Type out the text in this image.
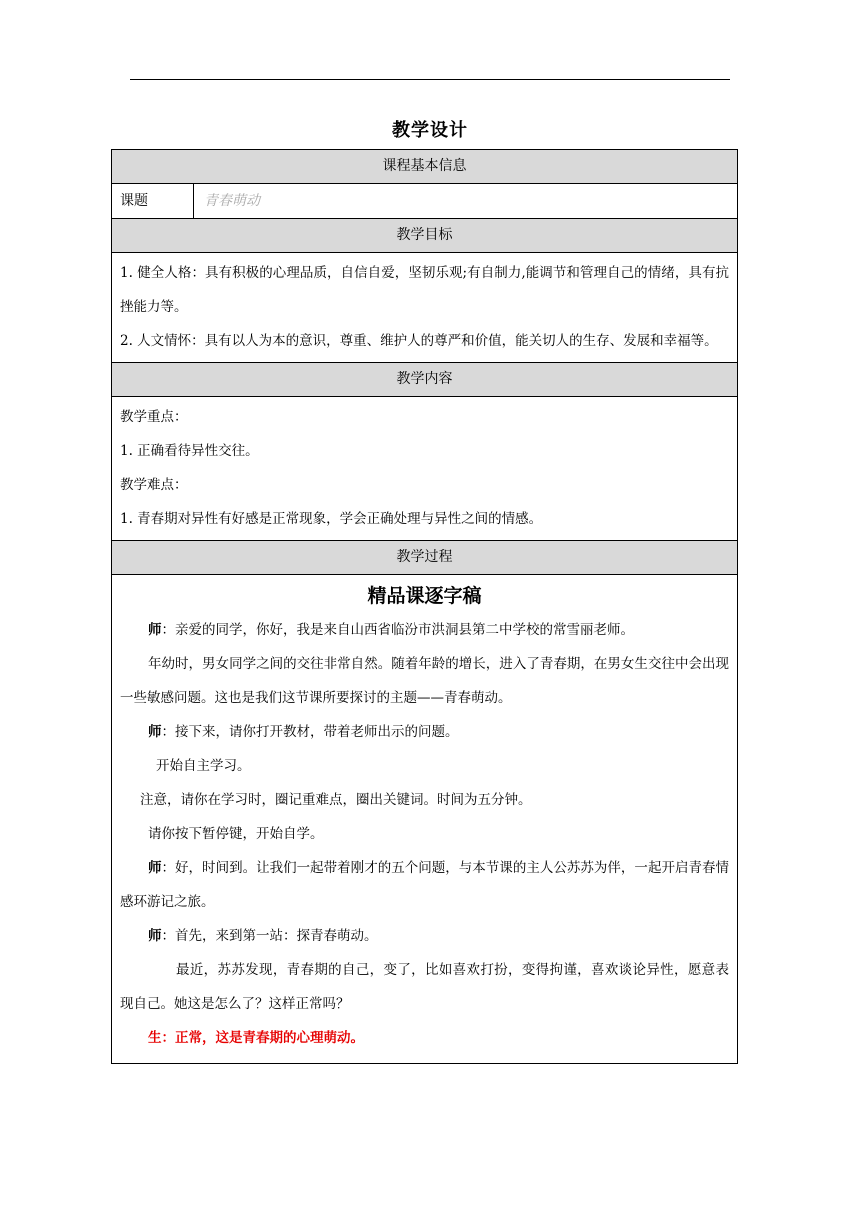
教学设计
课程基本信息
课题	青春萌动
教学目标

1. 健全人格：具有积极的心理品质，自信自爱，坚韧乐观;有自制力,能调节和管理自己的情绪，具有抗挫能力等。

2. 人文情怀：具有以人为本的意识，尊重、维护人的尊严和价值，能关切人的生存、发展和幸福等。

教学内容

教学重点：

1. 正确看待异性交往。

教学难点：

1. 青春期对异性有好感是正常现象，学会正确处理与异性之间的情感。

教学过程

精品课逐字稿

师：亲爱的同学，你好，我是来自山西省临汾市洪洞县第二中学校的常雪丽老师。

年幼时，男女同学之间的交往非常自然。随着年龄的增长，进入了青春期，在男女生交往中会出现一些敏感问题。这也是我们这节课所要探讨的主题——青春萌动。

师：接下来，请你打开教材，带着老师出示的问题。

开始自主学习。

注意，请你在学习时，圈记重难点，圈出关键词。时间为五分钟。

请你按下暂停键，开始自学。

师：好，时间到。让我们一起带着刚才的五个问题，与本节课的主人公苏苏为伴，一起开启青春情感环游记之旅。

师：首先，来到第一站：探青春萌动。

最近，苏苏发现，青春期的自己，变了，比如喜欢打扮，变得拘谨，喜欢谈论异性，愿意表现自己。她这是怎么了？这样正常吗？

生：正常，这是青春期的心理萌动。
